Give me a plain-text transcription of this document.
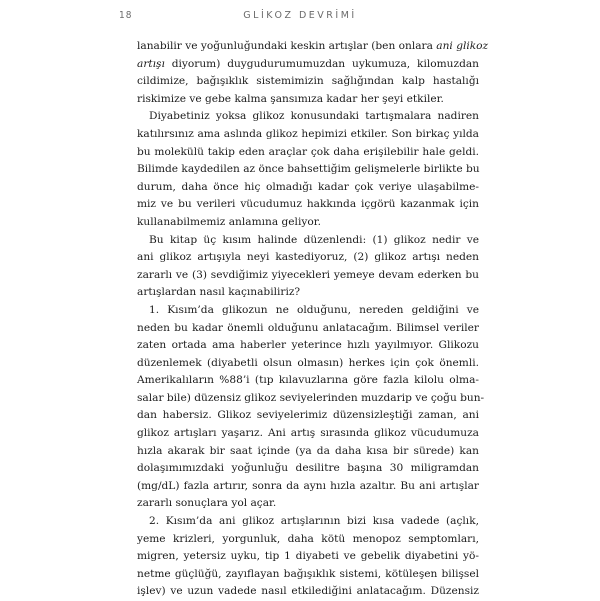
18	GLİKOZ DEVRİMİ
lanabilir ve yoğunluğundaki keskin artışlar (ben onlara ani glikoz
artışı diyorum) duygudurumumuzdan uykumuza, kilomuzdan
cildimize, bağışıklık sistemimizin sağlığından kalp hastalığı
riskimize ve gebe kalma şansımıza kadar her şeyi etkiler.
Diyabetiniz yoksa glikoz konusundaki tartışmalara nadiren
katılırsınız ama aslında glikoz hepimizi etkiler. Son birkaç yılda
bu molekülü takip eden araçlar çok daha erişilebilir hale geldi.
Bilimde kaydedilen az önce bahsettiğim gelişmelerle birlikte bu
durum, daha önce hiç olmadığı kadar çok veriye ulaşabilme-
miz ve bu verileri vücudumuz hakkında içgörü kazanmak için
kullanabilmemiz anlamına geliyor.
Bu kitap üç kısım halinde düzenlendi: (1) glikoz nedir ve
ani glikoz artışıyla neyi kastediyoruz, (2) glikoz artışı neden
zararlı ve (3) sevdiğimiz yiyecekleri yemeye devam ederken bu
artışlardan nasıl kaçınabiliriz?
1. Kısım’da glikozun ne olduğunu, nereden geldiğini ve
neden bu kadar önemli olduğunu anlatacağım. Bilimsel veriler
zaten ortada ama haberler yeterince hızlı yayılmıyor. Glikozu
düzenlemek (diyabetli olsun olmasın) herkes için çok önemli.
Amerikalıların %88’i (tıp kılavuzlarına göre fazla kilolu olma-
salar bile) düzensiz glikoz seviyelerinden muzdarip ve çoğu bun-
dan habersiz. Glikoz seviyelerimiz düzensizleştiği zaman, ani
glikoz artışları yaşarız. Ani artış sırasında glikoz vücudumuza
hızla akarak bir saat içinde (ya da daha kısa bir sürede) kan
dolaşımımızdaki yoğunluğu desilitre başına 30 miligramdan
(mg/dL) fazla artırır, sonra da aynı hızla azaltır. Bu ani artışlar
zararlı sonuçlara yol açar.
2. Kısım’da ani glikoz artışlarının bizi kısa vadede (açlık,
yeme krizleri, yorgunluk, daha kötü menopoz semptomları,
migren, yetersiz uyku, tip 1 diyabeti ve gebelik diyabetini yö-
netme güçlüğü, zayıflayan bağışıklık sistemi, kötüleşen bilişsel
işlev) ve uzun vadede nasıl etkilediğini anlatacağım. Düzensiz
